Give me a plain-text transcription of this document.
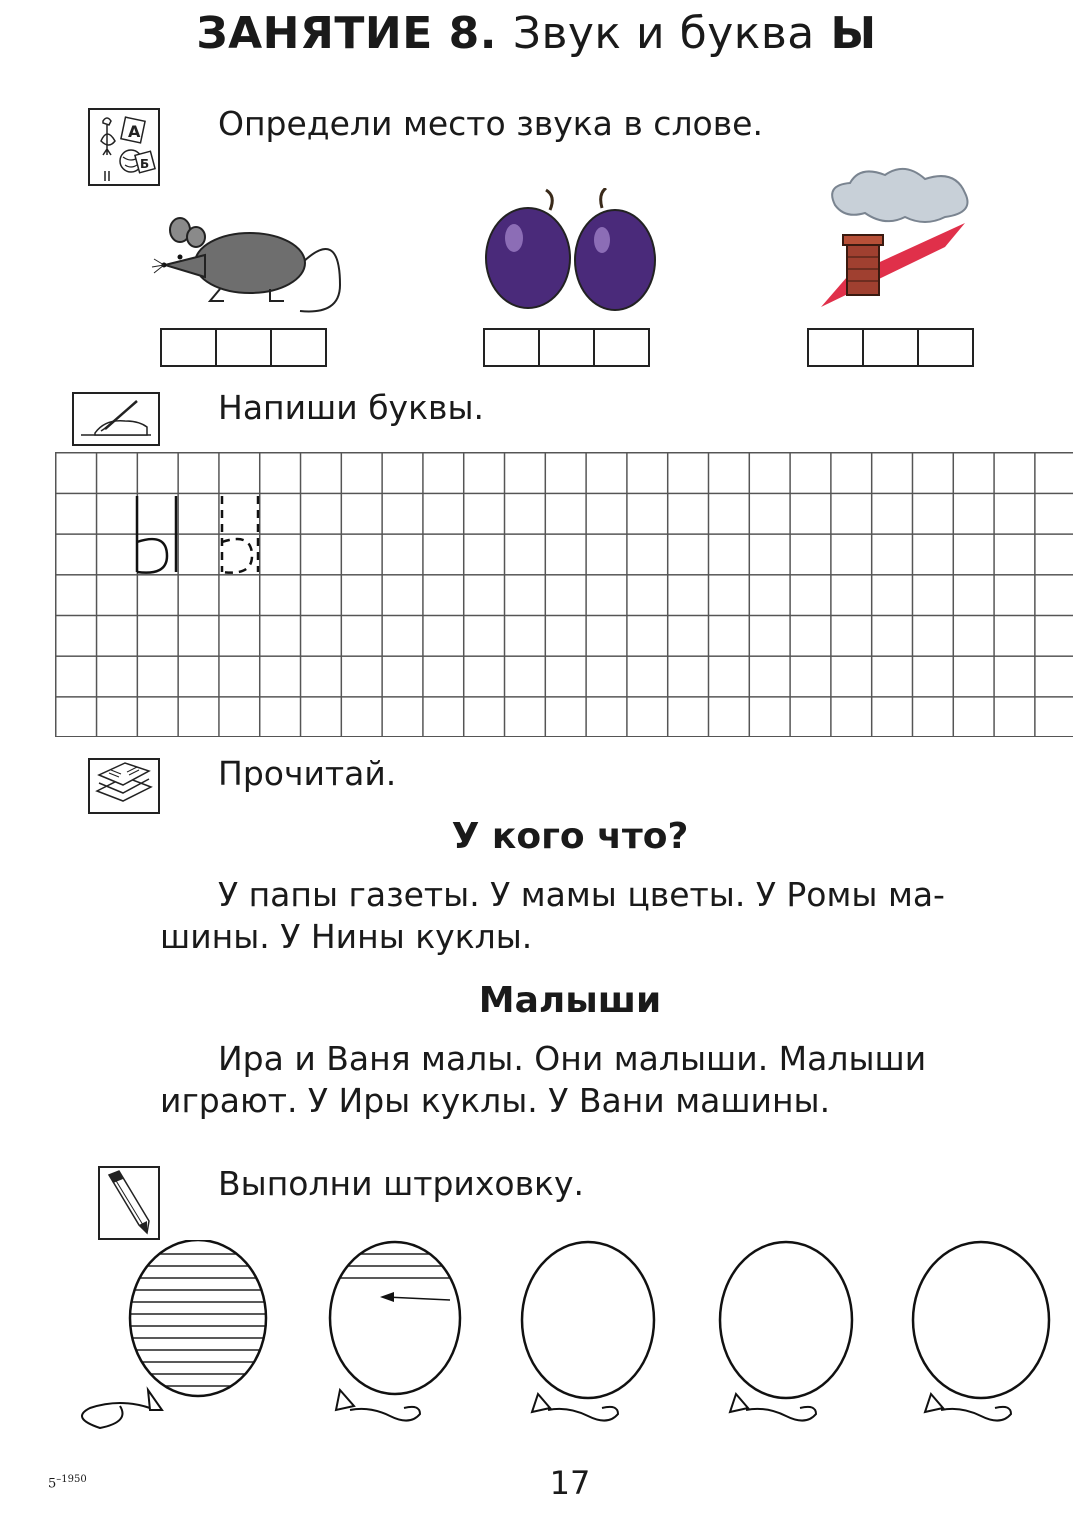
ЗАНЯТИЕ 8. Звук и буква Ы
А
Б
Определи место звука в слове.
Напиши буквы.
Прочитай.
У кого что?
У папы газеты. У мамы цветы. У Ромы ма-
шины. У Нины куклы.
Малыши
Ира и Ваня малы. Они малыши. Малыши
играют. У Иры куклы. У Вани машины.
Выполни штриховку.
$5^{-1950}$	17
